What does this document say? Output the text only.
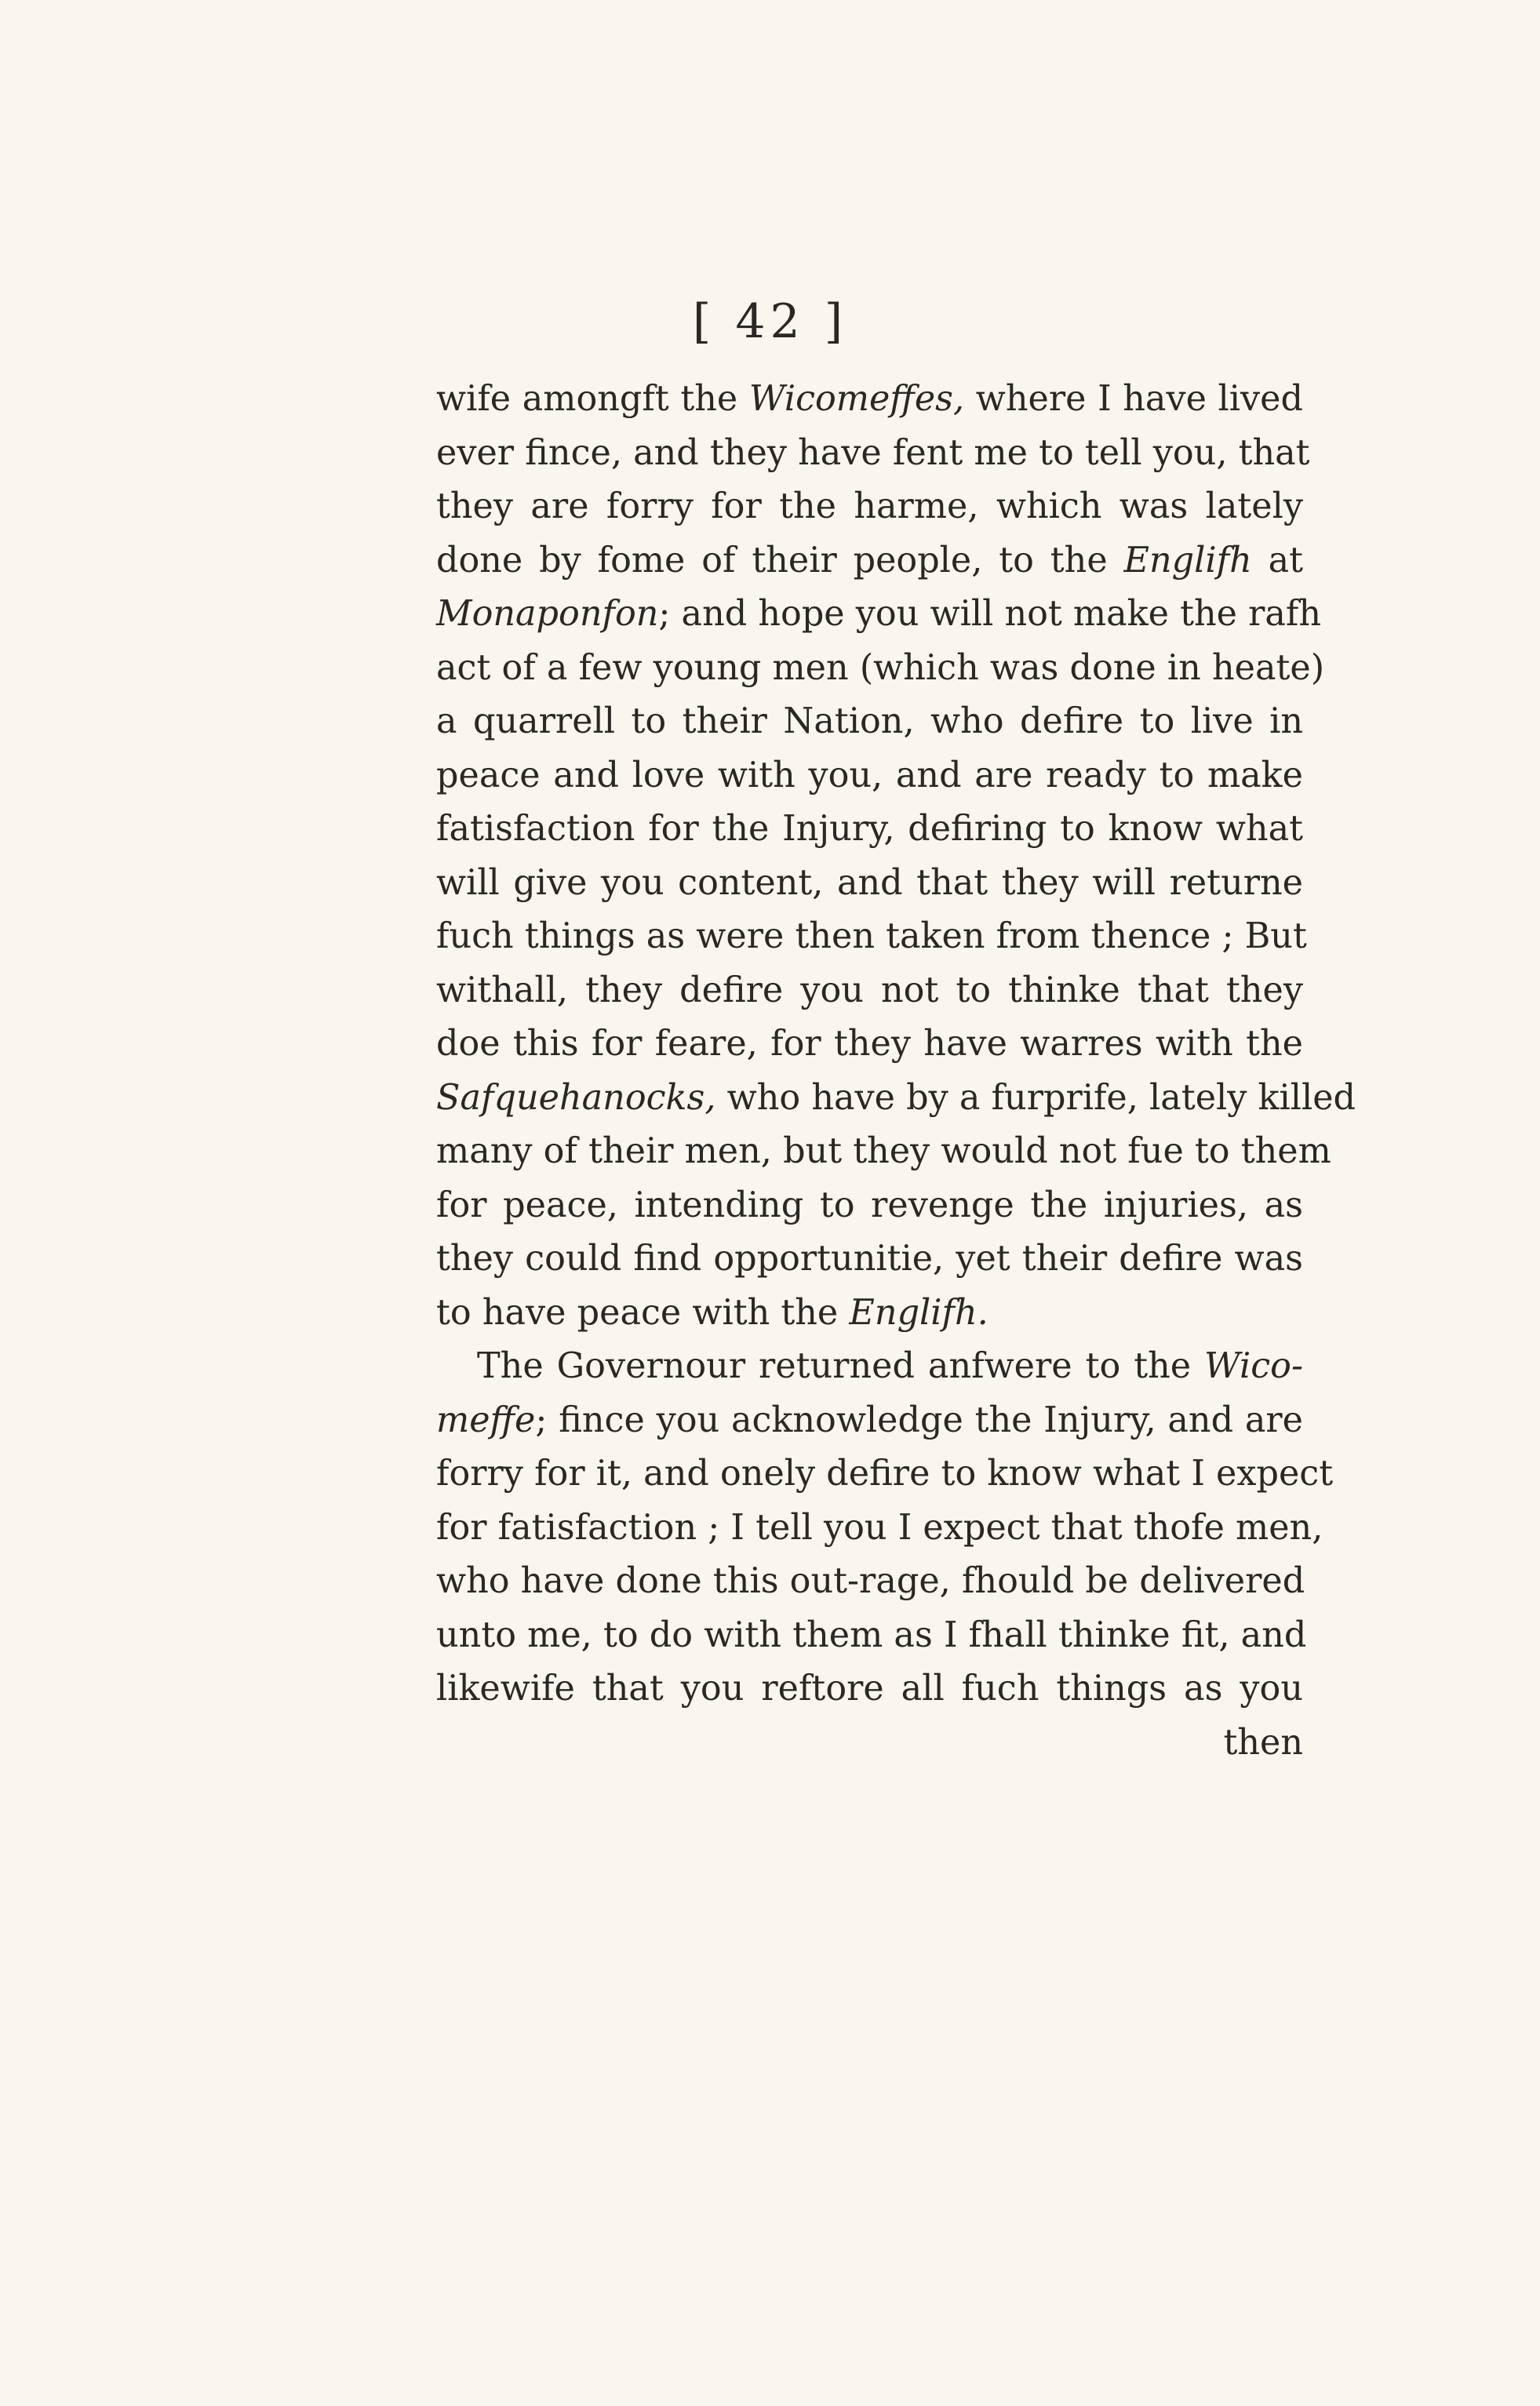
[ 42 ]
wife amongft the Wicomeffes, where I have lived
ever fince, and they have fent me to tell you, that
they are forry for the harme, which was lately
done by fome of their people, to the Englifh at
Monaponfon; and hope you will not make the rafh
act of a few young men (which was done in heate)
a quarrell to their Nation, who defire to live in
peace and love with you, and are ready to make
fatisfaction for the Injury, defiring to know what
will give you content, and that they will returne
fuch things as were then taken from thence ; But
withall, they defire you not to thinke that they
doe this for feare, for they have warres with the
Safquehanocks, who have by a furprife, lately killed
many of their men, but they would not fue to them
for peace, intending to revenge the injuries, as
they could find opportunitie, yet their defire was
to have peace with the Englifh.
The Governour returned anfwere to the Wico-
meffe; fince you acknowledge the Injury, and are
forry for it, and onely defire to know what I expect
for fatisfaction ; I tell you I expect that thofe men,
who have done this out-rage, fhould be delivered
unto me, to do with them as I fhall thinke fit, and
likewife that you reftore all fuch things as you
then
